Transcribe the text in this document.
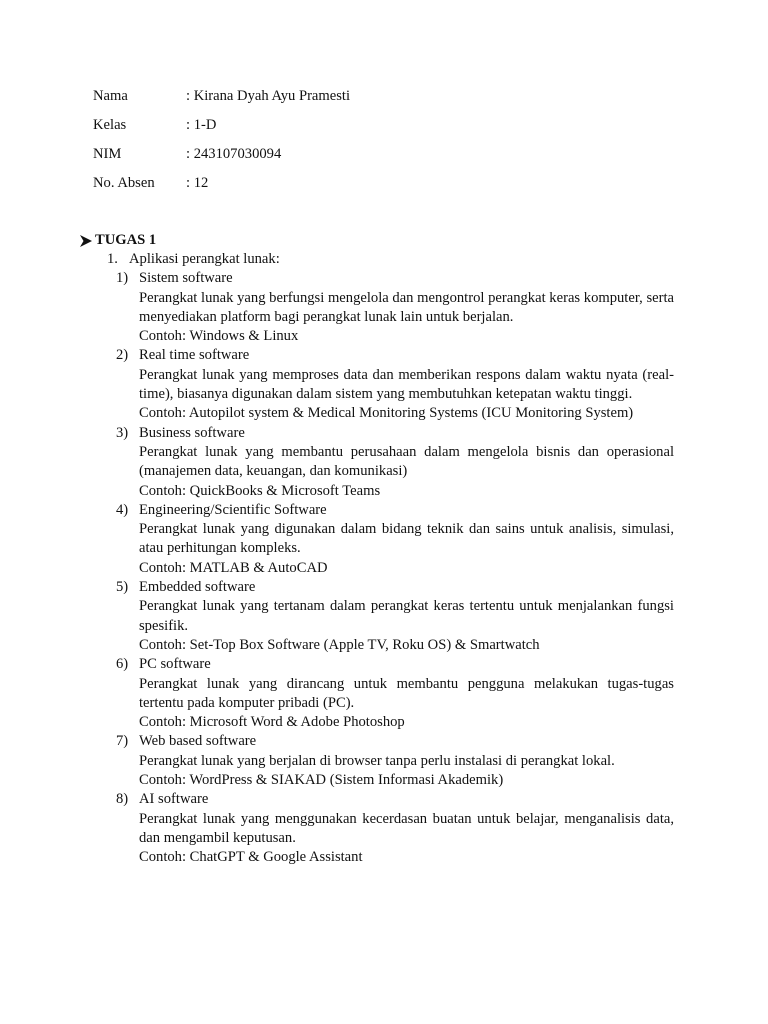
Nama	: Kirana Dyah Ayu Pramesti
Kelas	: 1-D
NIM	: 243107030094
No. Absen	: 12
TUGAS 1
1. Aplikasi perangkat lunak:
1) Sistem software
Perangkat lunak yang berfungsi mengelola dan mengontrol perangkat keras komputer, serta menyediakan platform bagi perangkat lunak lain untuk berjalan.
Contoh: Windows & Linux
2) Real time software
Perangkat lunak yang memproses data dan memberikan respons dalam waktu nyata (real-time), biasanya digunakan dalam sistem yang membutuhkan ketepatan waktu tinggi.
Contoh: Autopilot system & Medical Monitoring Systems (ICU Monitoring System)
3) Business software
Perangkat lunak yang membantu perusahaan dalam mengelola bisnis dan operasional (manajemen data, keuangan, dan komunikasi)
Contoh: QuickBooks & Microsoft Teams
4) Engineering/Scientific Software
Perangkat lunak yang digunakan dalam bidang teknik dan sains untuk analisis, simulasi, atau perhitungan kompleks.
Contoh: MATLAB & AutoCAD
5) Embedded software
Perangkat lunak yang tertanam dalam perangkat keras tertentu untuk menjalankan fungsi spesifik.
Contoh: Set-Top Box Software (Apple TV, Roku OS) & Smartwatch
6) PC software
Perangkat lunak yang dirancang untuk membantu pengguna melakukan tugas-tugas tertentu pada komputer pribadi (PC).
Contoh: Microsoft Word & Adobe Photoshop
7) Web based software
Perangkat lunak yang berjalan di browser tanpa perlu instalasi di perangkat lokal.
Contoh: WordPress & SIAKAD (Sistem Informasi Akademik)
8) AI software
Perangkat lunak yang menggunakan kecerdasan buatan untuk belajar, menganalisis data, dan mengambil keputusan.
Contoh: ChatGPT & Google Assistant
